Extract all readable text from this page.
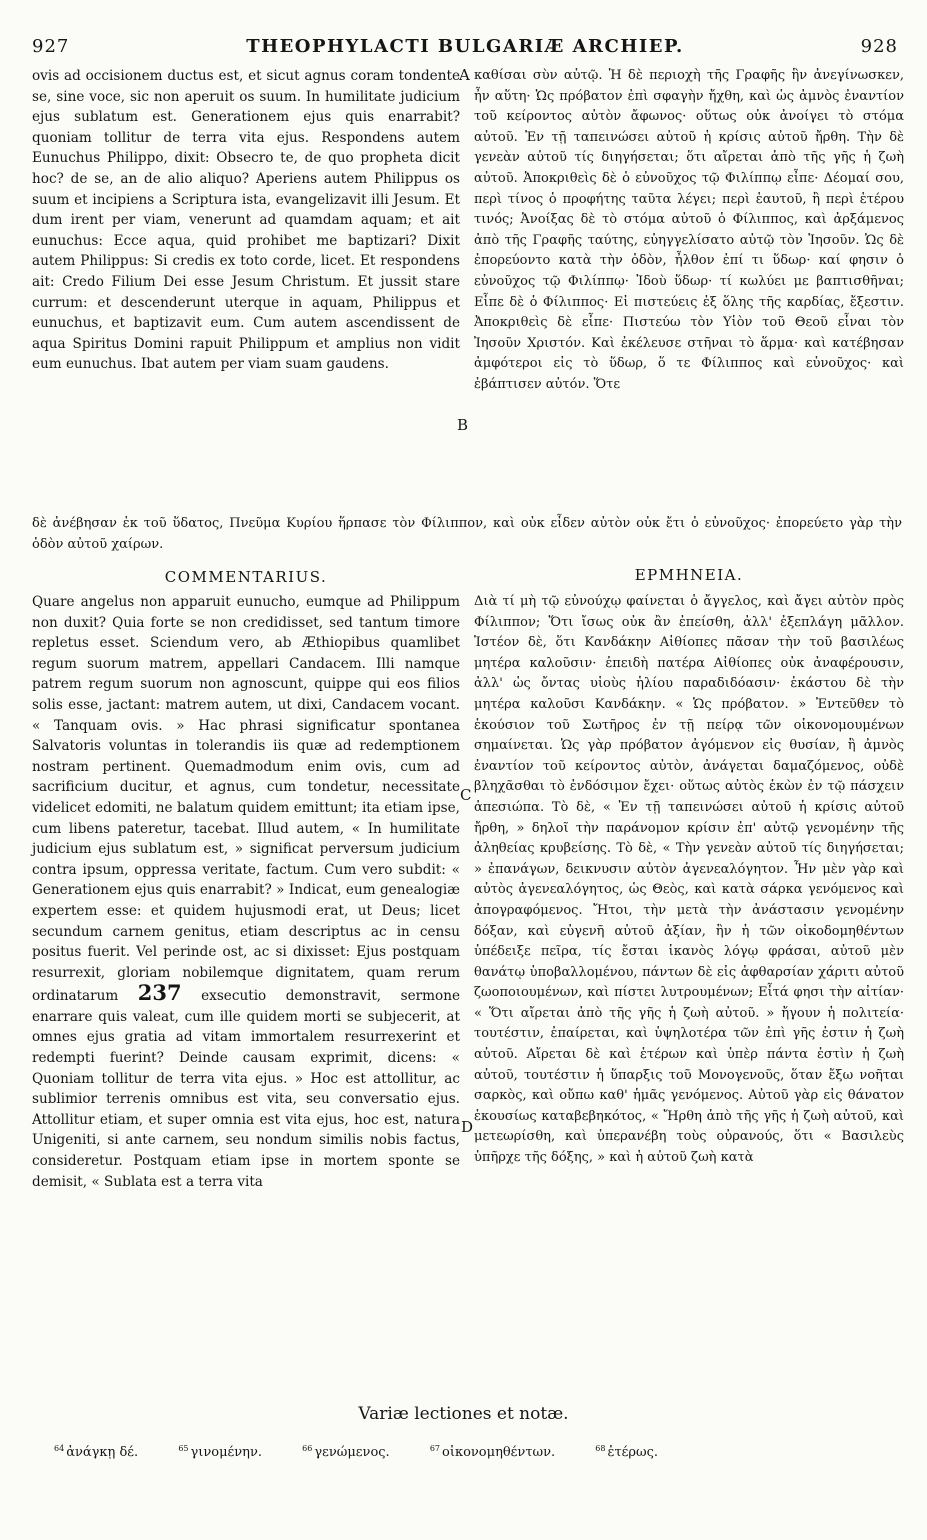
927	THEOPHYLACTI BULGARIÆ ARCHIEP.	928

ovis ad occisionem ductus est, et sicut agnus coram tondente se, sine voce, sic non aperuit os suum. In humilitate judicium ejus sublatum est. Generationem ejus quis enarrabit? quoniam tollitur de terra vita ejus. Respondens autem Eunuchus Philippo, dixit: Obsecro te, de quo propheta dicit hoc? de se, an de alio aliquo? Aperiens autem Philippus os suum et incipiens a Scriptura ista, evangelizavit illi Jesum. Et dum irent per viam, venerunt ad quamdam aquam; et ait eunuchus: Ecce aqua, quid prohibet me baptizari? Dixit autem Philippus: Si credis ex toto corde, licet. Et respondens ait: Credo Filium Dei esse Jesum Christum. Et jussit stare currum: et descenderunt uterque in aquam, Philippus et eunuchus, et baptizavit eum. Cum autem ascendissent de aqua Spiritus Domini rapuit Philippum et amplius non vidit eum eunuchus. Ibat autem per viam suam gaudens.

καθίσαι σὺν αὐτῷ. Ἡ δὲ περιοχὴ τῆς Γραφῆς ἣν ἀνεγίνωσκεν, ἦν αὕτη· Ὡς πρόβατον ἐπὶ σφαγὴν ἤχθη, καὶ ὡς ἀμνὸς ἐναντίον τοῦ κείροντος αὐτὸν ἄφωνος· οὕτως οὐκ ἀνοίγει τὸ στόμα αὐτοῦ. Ἐν τῇ ταπεινώσει αὐτοῦ ἡ κρίσις αὐτοῦ ἤρθη. Τὴν δὲ γενεὰν αὐτοῦ τίς διηγήσεται; ὅτι αἴρεται ἀπὸ τῆς γῆς ἡ ζωὴ αὐτοῦ. Ἀποκριθεὶς δὲ ὁ εὐνοῦχος τῷ Φιλίππῳ εἶπε· Δέομαί σου, περὶ τίνος ὁ προφήτης ταῦτα λέγει; περὶ ἑαυτοῦ, ἢ περὶ ἑτέρου τινός; Ἀνοίξας δὲ τὸ στόμα αὐτοῦ ὁ Φίλιππος, καὶ ἀρξάμενος ἀπὸ τῆς Γραφῆς ταύτης, εὐηγγελίσατο αὐτῷ τὸν Ἰησοῦν. Ὡς δὲ ἐπορεύοντο κατὰ τὴν ὁδὸν, ἦλθον ἐπί τι ὕδωρ· καί φησιν ὁ εὐνοῦχος τῷ Φιλίππῳ· Ἰδοὺ ὕδωρ· τί κωλύει με βαπτισθῆναι; Εἶπε δὲ ὁ Φίλιππος· Εἰ πιστεύεις ἐξ ὅλης τῆς καρδίας, ἔξεστιν. Ἀποκριθεὶς δὲ εἶπε· Πιστεύω τὸν Υἱὸν τοῦ Θεοῦ εἶναι τὸν Ἰησοῦν Χριστόν. Καὶ ἐκέλευσε στῆναι τὸ ἅρμα· καὶ κατέβησαν ἀμφότεροι εἰς τὸ ὕδωρ, ὅ τε Φίλιππος καὶ εὐνοῦχος· καὶ ἐβάπτισεν αὐτόν. Ὅτε

A
B
C
D
δὲ ἀνέβησαν ἐκ τοῦ ὕδατος, Πνεῦμα Κυρίου ἥρπασε τὸν Φίλιππον, καὶ οὐκ εἶδεν αὐτὸν οὐκ ἔτι ὁ εὐνοῦχος· ἐπορεύετο γὰρ τὴν ὁδὸν αὐτοῦ χαίρων.
COMMENTARIUS.	ΕΡΜΗΝΕΙΑ.

Quare angelus non apparuit eunucho, eumque ad Philippum non duxit? Quia forte se non credidisset, sed tantum timore repletus esset. Sciendum vero, ab Æthiopibus quamlibet regum suorum matrem, appellari Candacem. Illi namque patrem regum suorum non agnoscunt, quippe qui eos filios solis esse, jactant: matrem autem, ut dixi, Candacem vocant. « Tanquam ovis. » Hac phrasi significatur spontanea Salvatoris voluntas in tolerandis iis quæ ad redemptionem nostram pertinent. Quemadmodum enim ovis, cum ad sacrificium ducitur, et agnus, cum tondetur, necessitate videlicet edomiti, ne balatum quidem emittunt; ita etiam ipse, cum libens pateretur, tacebat. Illud autem, « In humilitate judicium ejus sublatum est, » significat perversum judicium contra ipsum, oppressa veritate, factum. Cum vero subdit: « Generationem ejus quis enarrabit? » Indicat, eum genealogiæ expertem esse: et quidem hujusmodi erat, ut Deus; licet secundum carnem genitus, etiam descriptus ac in censu positus fuerit. Vel perinde ost, ac si dixisset: Ejus postquam resurrexit, gloriam nobilemque dignitatem, quam rerum ordinatarum 237 exsecutio demonstravit, sermone enarrare quis valeat, cum ille quidem morti se subjecerit, at omnes ejus gratia ad vitam immortalem resurrexerint et redempti fuerint? Deinde causam exprimit, dicens: « Quoniam tollitur de terra vita ejus. » Hoc est attollitur, ac sublimior terrenis omnibus est vita, seu conversatio ejus. Attollitur etiam, et super omnia est vita ejus, hoc est, natura Unigeniti, si ante carnem, seu nondum similis nobis factus, consideretur. Postquam etiam ipse in mortem sponte se demisit, « Sublata est a terra vita

Διὰ τί μὴ τῷ εὐνούχῳ φαίνεται ὁ ἄγγελος, καὶ ἄγει αὐτὸν πρὸς Φίλιππον; Ὅτι ἴσως οὐκ ἂν ἐπείσθη, ἀλλ' ἐξεπλάγη μᾶλλον. Ἰστέον δὲ, ὅτι Κανδάκην Αἰθίοπες πᾶσαν τὴν τοῦ βασιλέως μητέρα καλοῦσιν· ἐπειδὴ πατέρα Αἰθίοπες οὐκ ἀναφέρουσιν, ἀλλ' ὡς ὄντας υἱοὺς ἡλίου παραδιδόασιν· ἑκάστου δὲ τὴν μητέρα καλοῦσι Κανδάκην. « Ὡς πρόβατον. » Ἐντεῦθεν τὸ ἑκούσιον τοῦ Σωτῆρος ἐν τῇ πείρᾳ τῶν οἰκονομουμένων σημαίνεται. Ὡς γὰρ πρόβατον ἀγόμενον εἰς θυσίαν, ἢ ἀμνὸς ἐναντίον τοῦ κείροντος αὐτὸν, ἀνάγεται δαμαζόμενος, οὐδὲ βληχᾶσθαι τὸ ἐνδόσιμον ἔχει· οὕτως αὐτὸς ἑκὼν ἐν τῷ πάσχειν ἀπεσιώπα. Τὸ δὲ, « Ἐν τῇ ταπεινώσει αὐτοῦ ἡ κρίσις αὐτοῦ ἤρθη, » δηλοῖ τὴν παράνομον κρίσιν ἐπ' αὐτῷ γενομένην τῆς ἀληθείας κρυβείσης. Τὸ δὲ, « Τὴν γενεὰν αὐτοῦ τίς διηγήσεται; » ἐπανάγων, δεικνυσιν αὐτὸν ἀγενεαλόγητον. Ἦν μὲν γὰρ καὶ αὐτὸς ἀγενεαλόγητος, ὡς Θεὸς, καὶ κατὰ σάρκα γενόμενος καὶ ἀπογραφόμενος. Ἤτοι, τὴν μετὰ τὴν ἀνάστασιν γενομένην δόξαν, καὶ εὐγενῆ αὐτοῦ ἀξίαν, ἣν ἡ τῶν οἰκοδομηθέντων ὑπέδειξε πεῖρα, τίς ἔσται ἱκανὸς λόγῳ φράσαι, αὐτοῦ μὲν θανάτῳ ὑποβαλλομένου, πάντων δὲ εἰς ἀφθαρσίαν χάριτι αὐτοῦ ζωοποιουμένων, καὶ πίστει λυτρουμένων; Εἶτά φησι τὴν αἰτίαν· « Ὅτι αἴρεται ἀπὸ τῆς γῆς ἡ ζωὴ αὐτοῦ. » ἤγουν ἡ πολιτεία· τουτέστιν, ἐπαίρεται, καὶ ὑψηλοτέρα τῶν ἐπὶ γῆς ἐστιν ἡ ζωὴ αὐτοῦ. Αἴρεται δὲ καὶ ἑτέρων καὶ ὑπὲρ πάντα ἐστὶν ἡ ζωὴ αὐτοῦ, τουτέστιν ἡ ὕπαρξις τοῦ Μονογενοῦς, ὅταν ἔξω νοῆται σαρκὸς, καὶ οὔπω καθ' ἡμᾶς γενόμενος. Αὐτοῦ γὰρ εἰς θάνατον ἑκουσίως καταβεβηκότος, « Ἤρθη ἀπὸ τῆς γῆς ἡ ζωὴ αὐτοῦ, καὶ μετεωρίσθη, καὶ ὑπερανέβη τοὺς οὐρανούς, ὅτι « Βασιλεὺς ὑπῆρχε τῆς δόξης, » καὶ ἡ αὐτοῦ ζωὴ κατὰ

Variæ lectiones et notæ.
$^{64}$ ἀνάγκῃ δέ.	$^{65}$ γινομένην.	$^{66}$ γενώμενος.	$^{67}$ οἰκονομηθέντων.	$^{68}$ ἑτέρως.
